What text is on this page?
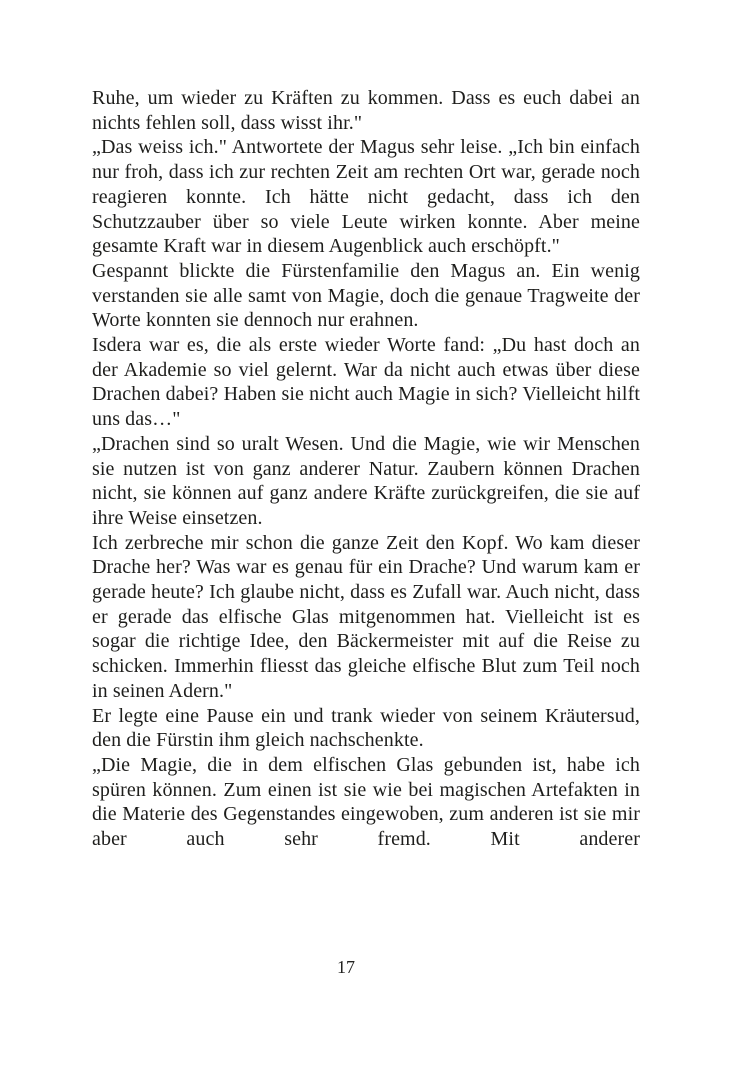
Ruhe, um wieder zu Kräften zu kommen. Dass es euch dabei an nichts fehlen soll, dass wisst ihr."

„Das weiss ich." Antwortete der Magus sehr leise. „Ich bin einfach nur froh, dass ich zur rechten Zeit am rechten Ort war, gerade noch reagieren konnte. Ich hätte nicht gedacht, dass ich den Schutzzauber über so viele Leute wirken konnte. Aber meine gesamte Kraft war in diesem Augenblick auch erschöpft."

Gespannt blickte die Fürstenfamilie den Magus an. Ein wenig verstanden sie alle samt von Magie, doch die genaue Tragweite der Worte konnten sie dennoch nur erahnen.

Isdera war es, die als erste wieder Worte fand: „Du hast doch an der Akademie so viel gelernt. War da nicht auch etwas über diese Drachen dabei? Haben sie nicht auch Magie in sich? Vielleicht hilft uns das…"

„Drachen sind so uralt Wesen. Und die Magie, wie wir Menschen sie nutzen ist von ganz anderer Natur. Zaubern können Drachen nicht, sie können auf ganz andere Kräfte zurückgreifen, die sie auf ihre Weise einsetzen.

Ich zerbreche mir schon die ganze Zeit den Kopf. Wo kam dieser Drache her? Was war es genau für ein Drache? Und warum kam er gerade heute? Ich glaube nicht, dass es Zufall war. Auch nicht, dass er gerade das elfische Glas mitgenommen hat. Vielleicht ist es sogar die richtige Idee, den Bäckermeister mit auf die Reise zu schicken. Immerhin fliesst das gleiche elfische Blut zum Teil noch in seinen Adern."

Er legte eine Pause ein und trank wieder von seinem Kräutersud, den die Fürstin ihm gleich nachschenkte.

„Die Magie, die in dem elfischen Glas gebunden ist, habe ich spüren können. Zum einen ist sie wie bei magischen Artefakten in die Materie des Gegenstandes eingewoben, zum anderen ist sie mir aber auch sehr fremd. Mit anderer

17
